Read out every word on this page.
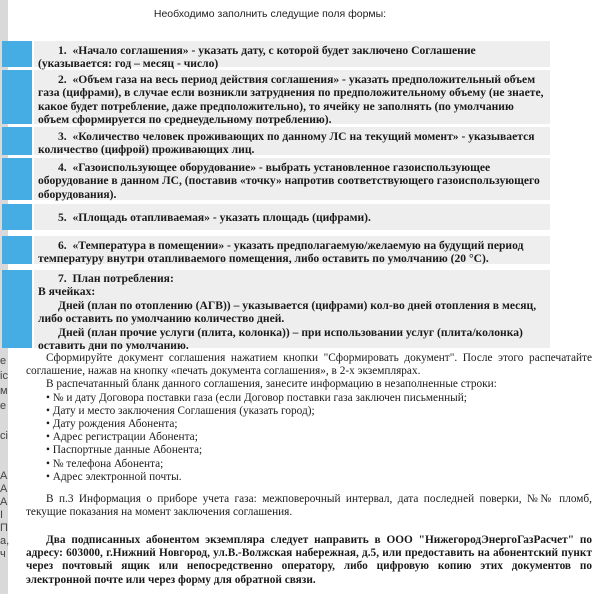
е
іс
м
е
сі
А
А
А
І
П
а,
ч
Необходимо заполнить следущие поля формы:
1. «Начало соглашения» - указать дату, с которой будет заключено Соглашение (указывается: год – месяц - число)
2. «Объем газа на весь период действия соглашения» - указать предположительный объем газа (цифрами), в случае если возникли затруднения по предположительному объему (не знаете, какое будет потребление, даже предположительно), то ячейку не заполнять (по умолчанию объем сформируется по среднеудельному потреблению).
3. «Количество человек проживающих по данному ЛС на текущий момент» - указывается количество (цифрой) проживающих лиц.
4. «Газоиспользующее оборудование» - выбрать установленное газоиспользующее оборудование в данном ЛС, (поставив «точку» напротив соответствующего газоиспользующего оборудования).
5. «Площадь отапливаемая» - указать площадь (цифрами).
6. «Температура в помещении» - указать предполагаемую/желаемую на будущий период температуру внутри отапливаемого помещения, либо оставить по умолчанию (20 °С).
7. План потребления:
В ячейках:
Дней (план по отоплению (АГВ)) – указывается (цифрами) кол-во дней отопления в месяц, либо оставить по умолчанию количество дней.
Дней (план прочие услуги (плита, колонка)) – при использовании услуг (плита/колонка) оставить дни по умолчанию.

Сформируйте документ соглашения нажатием кнопки "Сформировать документ". После этого распечатайте соглашение, нажав на кнопку «печать документа соглашения», в 2-х экземплярах.

В распечатанный бланк данного соглашения, занесите информацию в незаполненные строки:

• № и дату Договора поставки газа (если Договор поставки газа заключен письменный;
• Дату и место заключения Соглашения (указать город);
• Дату рождения Абонента;
• Адрес регистрации Абонента;
• Паспортные данные Абонента;
• № телефона Абонента;
• Адрес электронной почты.

В п.3 Информация о приборе учета газа: межповерочный интервал, дата последней поверки, №№ пломб, текущие показания на момент заключения соглашения.

Два подписанных абонентом экземпляра следует направить в ООО "НижегородЭнергоГазРасчет" по адресу: 603000, г.Нижний Новгород, ул.В.-Волжская набережная, д.5, или предоставить на абонентский пункт через почтовый ящик или непосредственно оператору, либо цифровую копию этих документов по электронной почте или через форму для обратной связи.
